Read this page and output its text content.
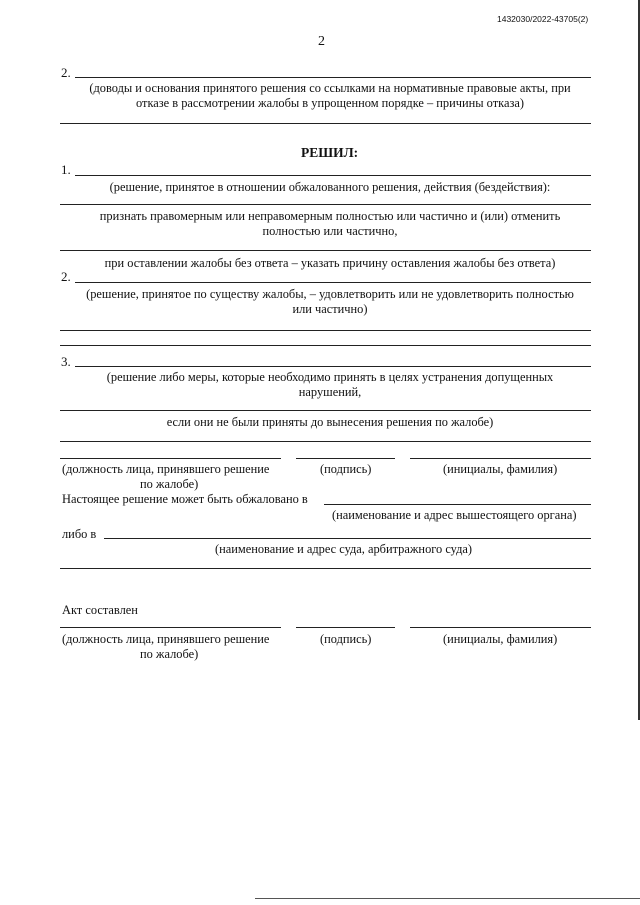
1432030/2022-43705(2)
2
2.
(доводы и основания принятого решения со ссылками на нормативные правовые акты, при
отказе в рассмотрении жалобы в упрощенном порядке – причины отказа)
РЕШИЛ:
1.
(решение, принятое в отношении обжалованного решения, действия (бездействия):
признать правомерным или неправомерным полностью или частично и (или) отменить
полностью или частично,
при оставлении жалобы без ответа – указать причину оставления жалобы без ответа)
2.
(решение, принятое по существу жалобы, – удовлетворить или не удовлетворить полностью
или частично)
3.
(решение либо меры, которые необходимо принять в целях устранения допущенных
нарушений,
если они не были приняты до вынесения решения по жалобе)
(должность лица, принявшего решение
по жалобе)
(подпись)	(инициалы, фамилия)
Настоящее решение может быть обжаловано в
(наименование и адрес вышестоящего органа)
либо в
(наименование и адрес суда, арбитражного суда)
Акт составлен
(должность лица, принявшего решение
по жалобе)
(подпись)	(инициалы, фамилия)
